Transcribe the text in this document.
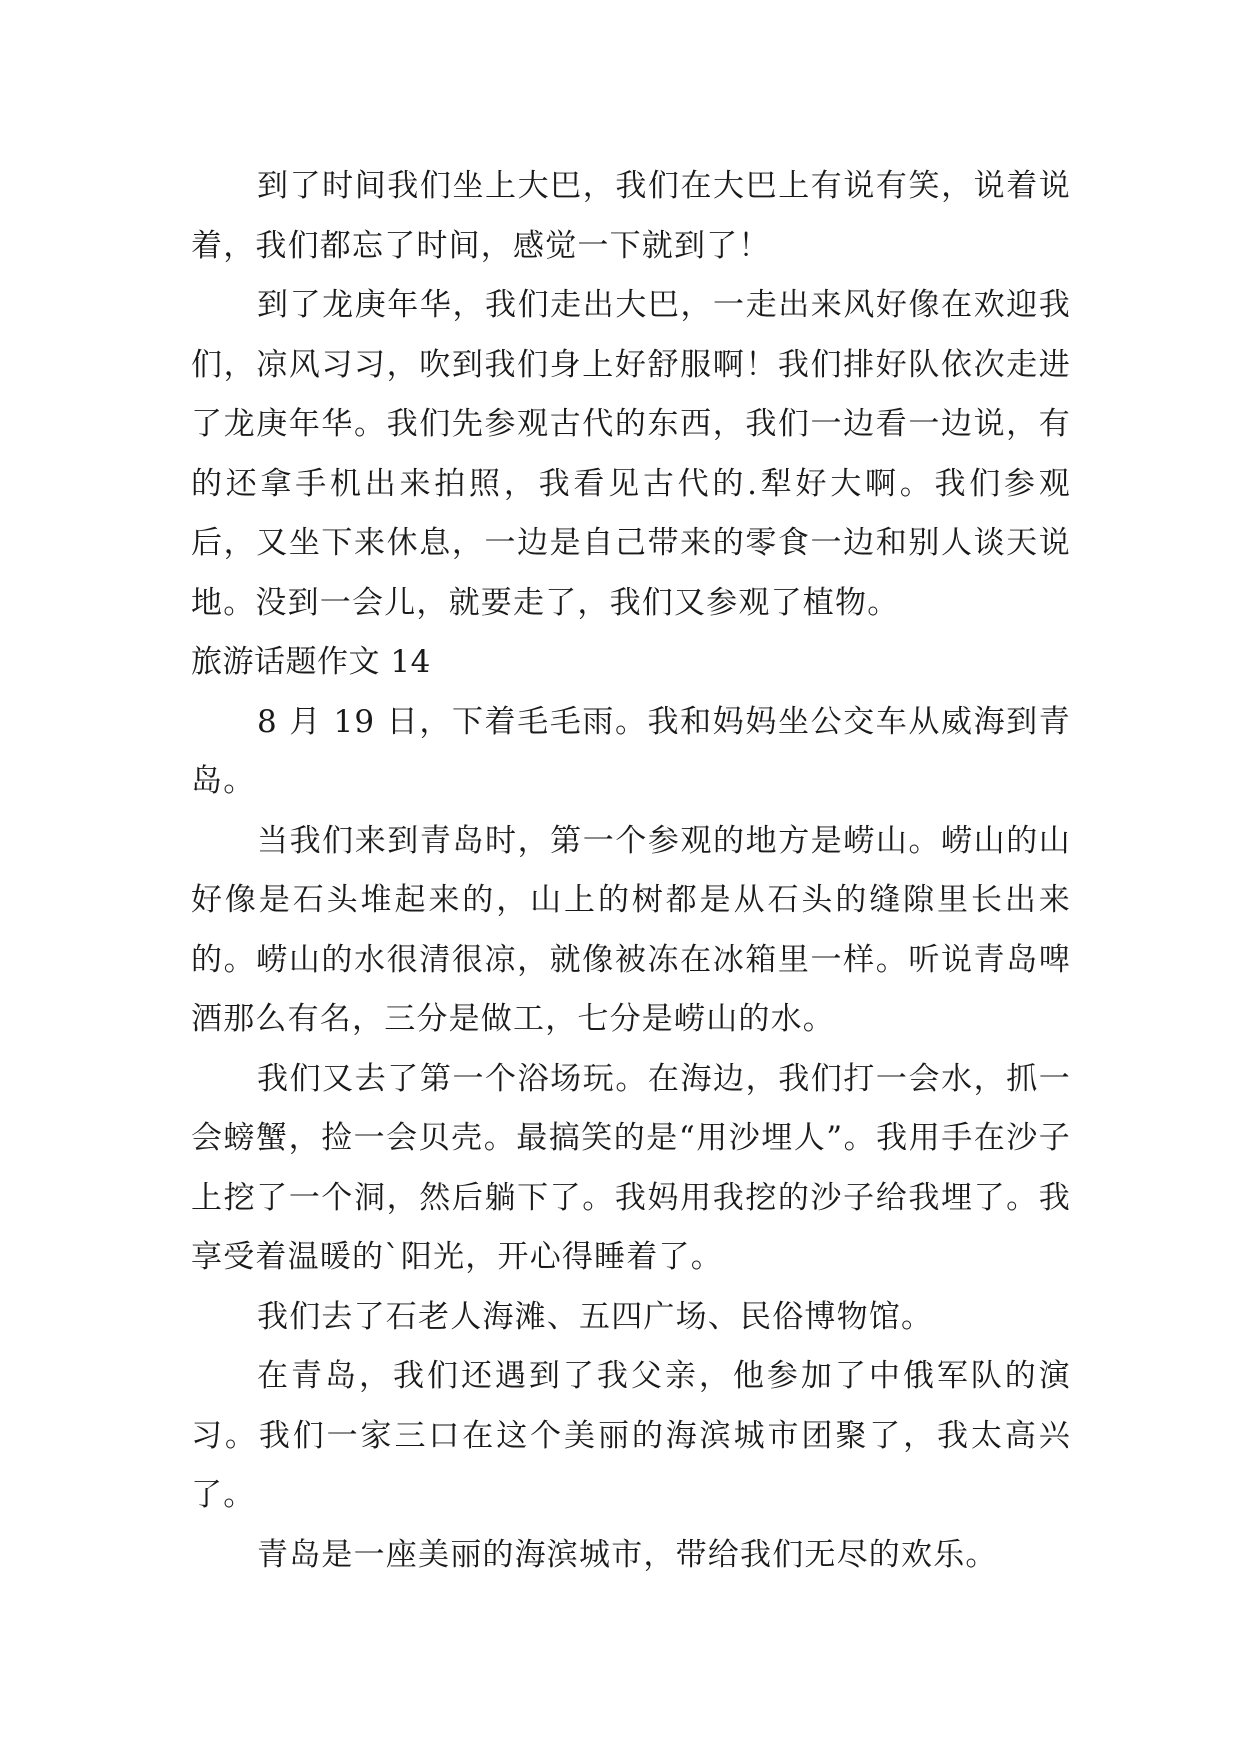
到了时间我们坐上大巴，我们在大巴上有说有笑，说着说着，我们都忘了时间，感觉一下就到了！

到了龙庚年华，我们走出大巴，一走出来风好像在欢迎我们，凉风习习，吹到我们身上好舒服啊！我们排好队依次走进了龙庚年华。我们先参观古代的东西，我们一边看一边说，有的还拿手机出来拍照，我看见古代的.犁好大啊。我们参观后，又坐下来休息，一边是自己带来的零食一边和别人谈天说地。没到一会儿，就要走了，我们又参观了植物。

旅游话题作文 14

8 月 19 日，下着毛毛雨。我和妈妈坐公交车从威海到青岛。

当我们来到青岛时，第一个参观的地方是崂山。崂山的山好像是石头堆起来的，山上的树都是从石头的缝隙里长出来的。崂山的水很清很凉，就像被冻在冰箱里一样。听说青岛啤酒那么有名，三分是做工，七分是崂山的水。

我们又去了第一个浴场玩。在海边，我们打一会水，抓一会螃蟹，捡一会贝壳。最搞笑的是“用沙埋人”。我用手在沙子上挖了一个洞，然后躺下了。我妈用我挖的沙子给我埋了。我享受着温暖的`阳光，开心得睡着了。

我们去了石老人海滩、五四广场、民俗博物馆。

在青岛，我们还遇到了我父亲，他参加了中俄军队的演习。我们一家三口在这个美丽的海滨城市团聚了，我太高兴了。

青岛是一座美丽的海滨城市，带给我们无尽的欢乐。
